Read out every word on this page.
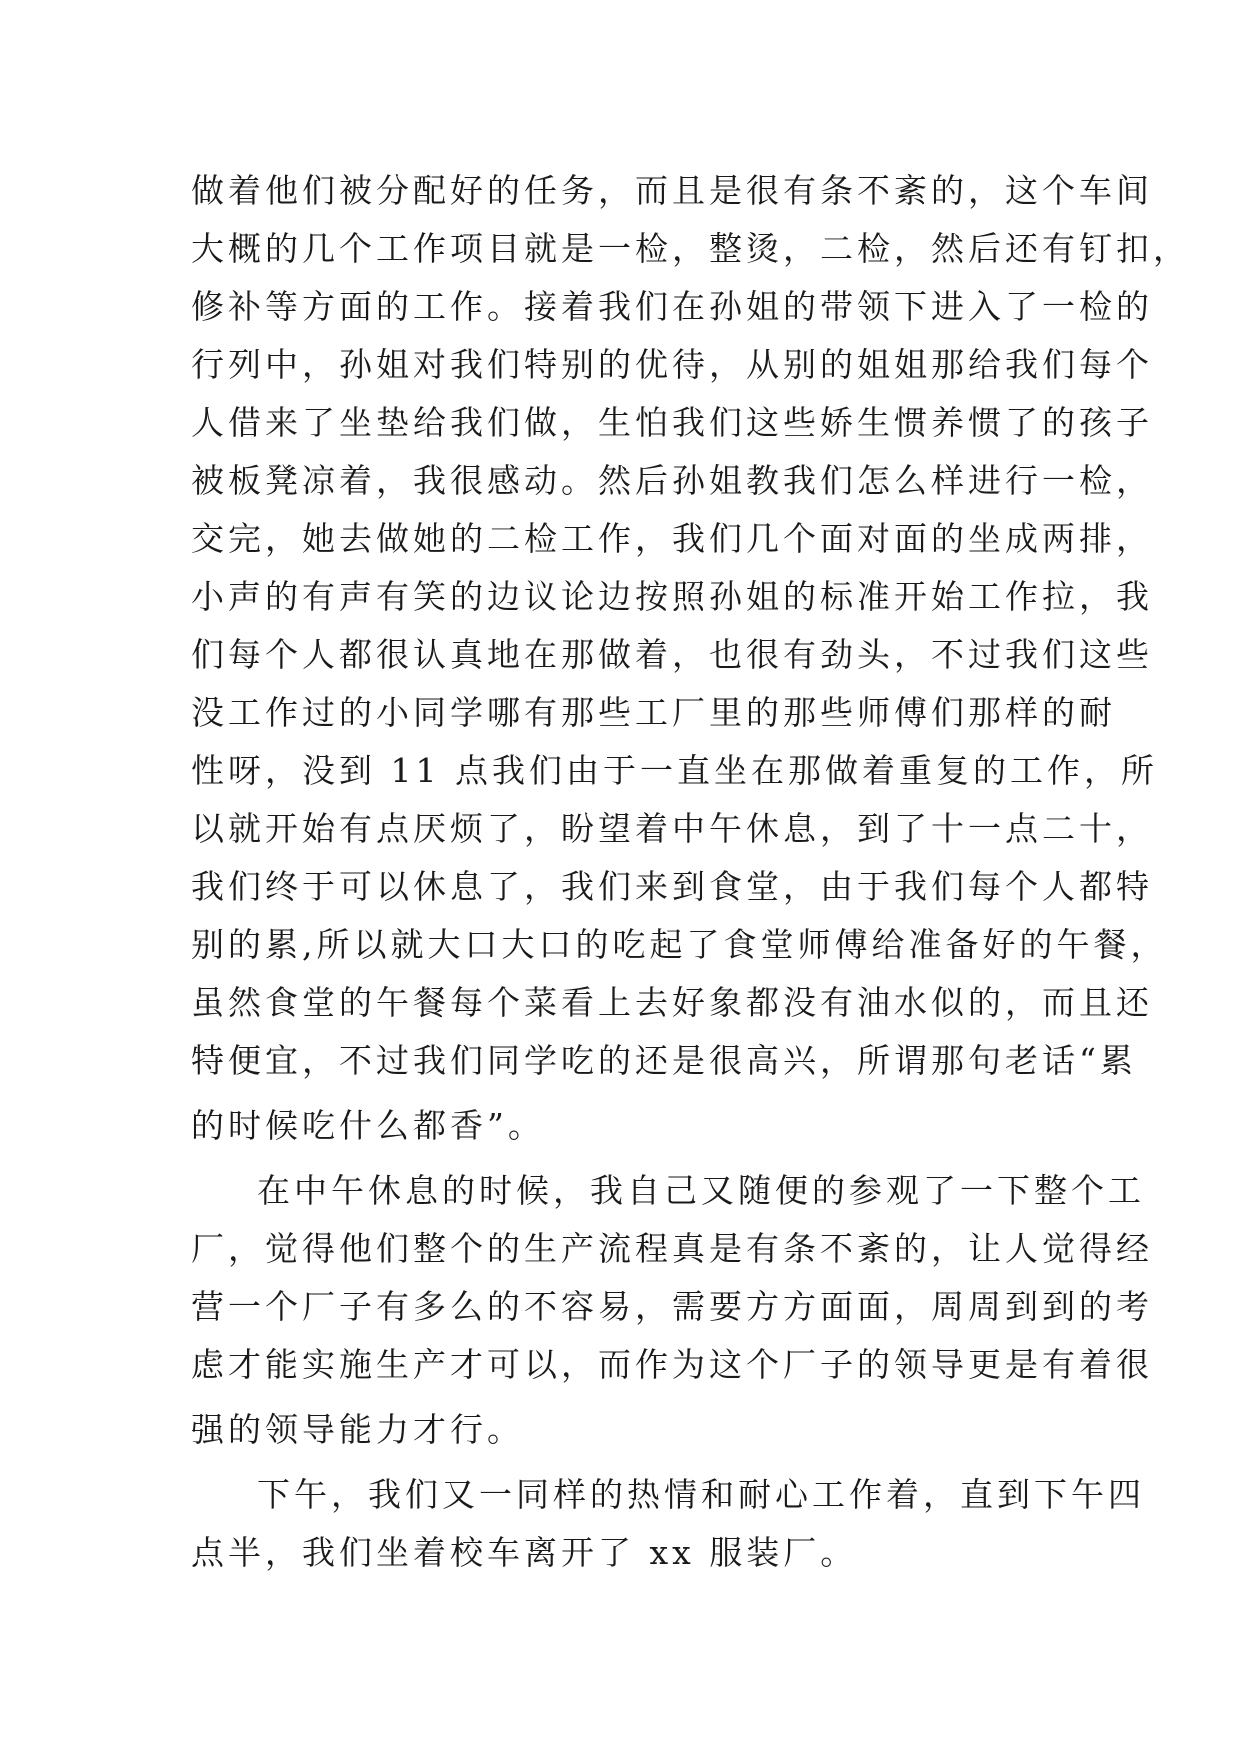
做着他们被分配好的任务，而且是很有条不紊的，这个车间
大概的几个工作项目就是一检，整烫，二检，然后还有钉扣，
修补等方面的工作。接着我们在孙姐的带领下进入了一检的
行列中，孙姐对我们特别的优待，从别的姐姐那给我们每个
人借来了坐垫给我们做，生怕我们这些娇生惯养惯了的孩子
被板凳凉着，我很感动。然后孙姐教我们怎么样进行一检，
交完，她去做她的二检工作，我们几个面对面的坐成两排，
小声的有声有笑的边议论边按照孙姐的标准开始工作拉，我
们每个人都很认真地在那做着，也很有劲头，不过我们这些
没工作过的小同学哪有那些工厂里的那些师傅们那样的耐
性呀，没到 11 点我们由于一直坐在那做着重复的工作，所
以就开始有点厌烦了，盼望着中午休息，到了十一点二十，
我们终于可以休息了，我们来到食堂，由于我们每个人都特
别的累,所以就大口大口的吃起了食堂师傅给准备好的午餐，
虽然食堂的午餐每个菜看上去好象都没有油水似的，而且还
特便宜，不过我们同学吃的还是很高兴，所谓那句老话“累
的时候吃什么都香”。
在中午休息的时候，我自己又随便的参观了一下整个工
厂，觉得他们整个的生产流程真是有条不紊的，让人觉得经
营一个厂子有多么的不容易，需要方方面面，周周到到的考
虑才能实施生产才可以，而作为这个厂子的领导更是有着很
强的领导能力才行。
下午，我们又一同样的热情和耐心工作着，直到下午四
点半，我们坐着校车离开了 xx 服装厂。
